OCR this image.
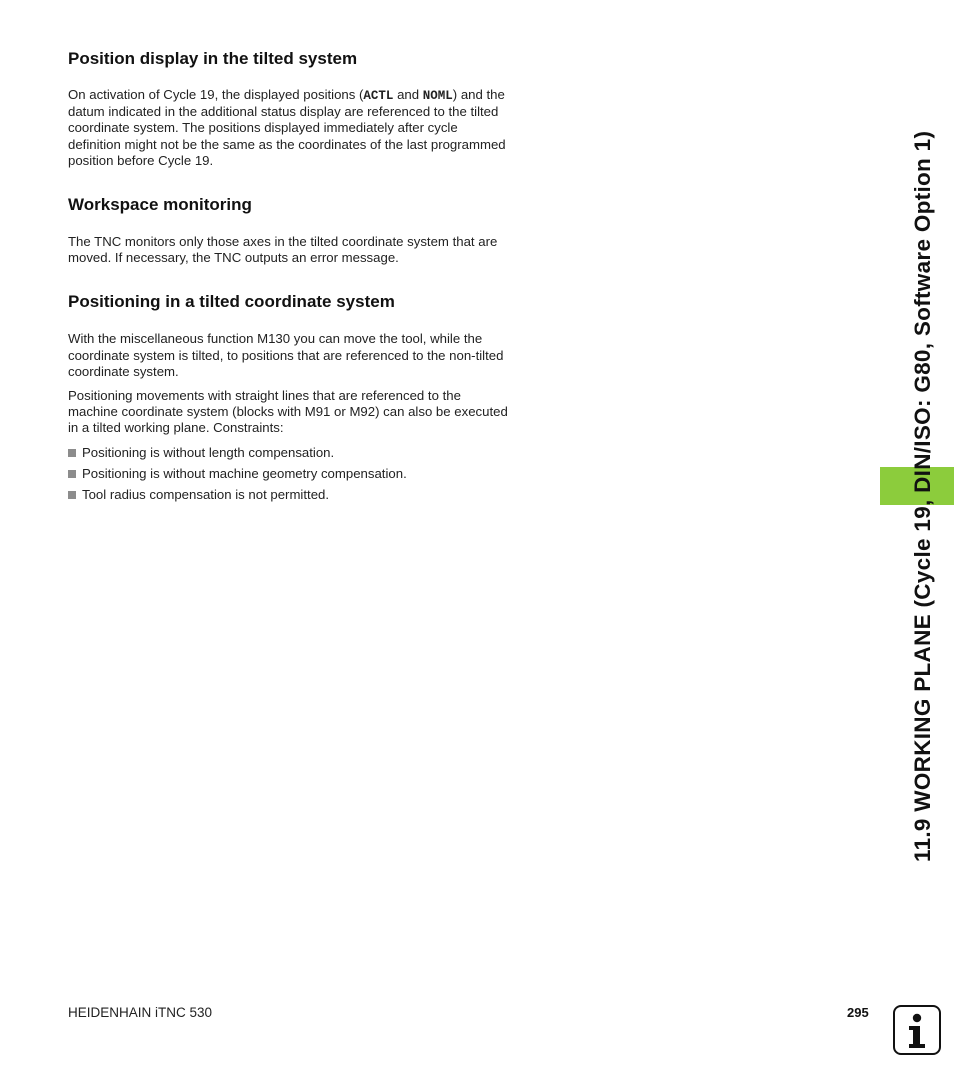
Position display in the tilted system

On activation of Cycle 19, the displayed positions (ACTL and NOML) and the datum indicated in the additional status display are referenced to the tilted coordinate system. The positions displayed immediately after cycle definition might not be the same as the coordinates of the last programmed position before Cycle 19.

Workspace monitoring

The TNC monitors only those axes in the tilted coordinate system that are moved. If necessary, the TNC outputs an error message.

Positioning in a tilted coordinate system

With the miscellaneous function M130 you can move the tool, while the coordinate system is tilted, to positions that are referenced to the non-tilted coordinate system.

Positioning movements with straight lines that are referenced to the machine coordinate system (blocks with M91 or M92) can also be executed in a tilted working plane. Constraints:

Positioning is without length compensation.
Positioning is without machine geometry compensation.
Tool radius compensation is not permitted.	11.9 WORKING PLANE (Cycle 19, DIN/ISO: G80, Software Option 1)
HEIDENHAIN iTNC 530	295
